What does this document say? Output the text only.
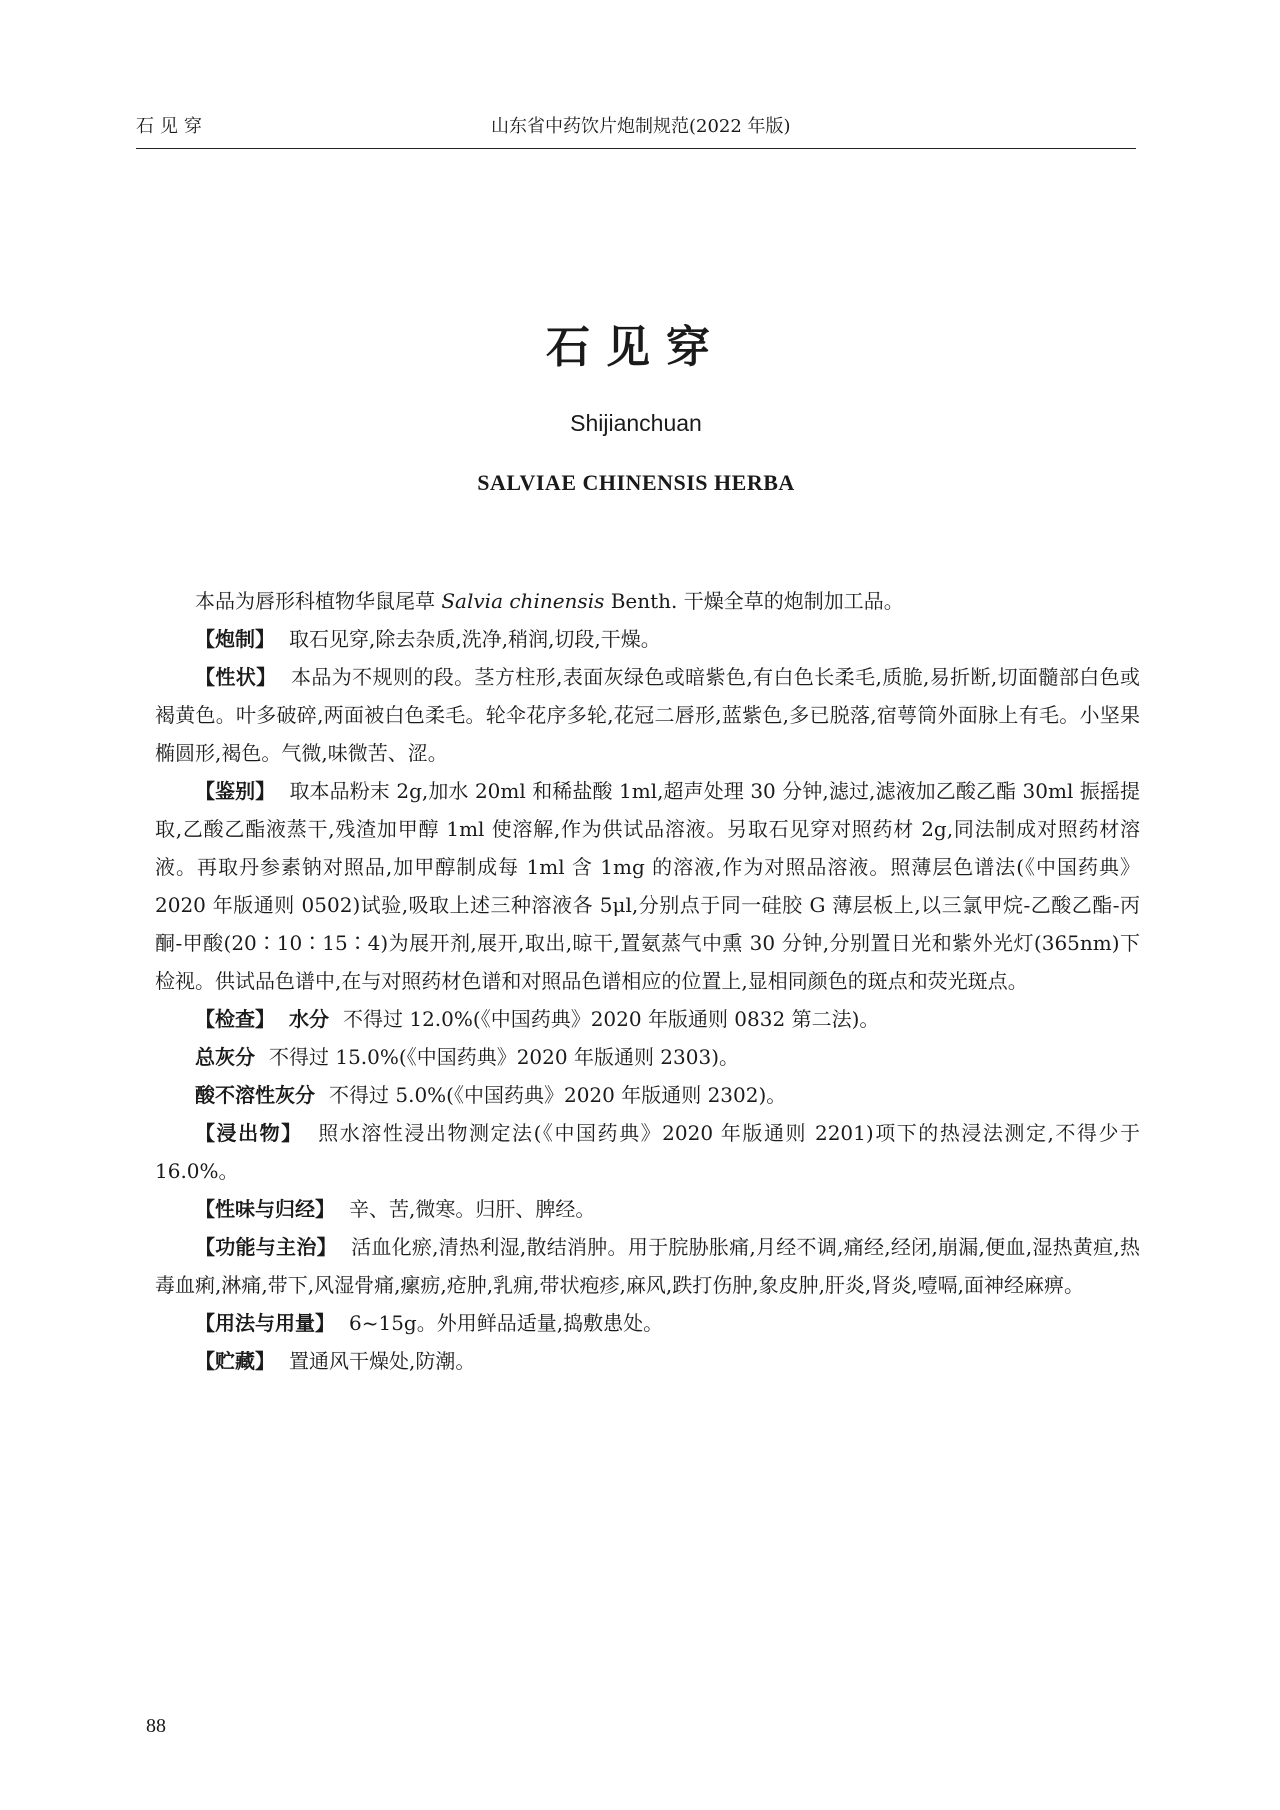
石见穿	山东省中药饮片炮制规范(2022 年版)
石见穿
Shijianchuan
SALVIAE CHINENSIS HERBA

本品为唇形科植物华鼠尾草 Salvia chinensis Benth. 干燥全草的炮制加工品。

【炮制】 取石见穿,除去杂质,洗净,稍润,切段,干燥。

【性状】 本品为不规则的段。茎方柱形,表面灰绿色或暗紫色,有白色长柔毛,质脆,易折断,切面髓部白色或褐黄色。叶多破碎,两面被白色柔毛。轮伞花序多轮,花冠二唇形,蓝紫色,多已脱落,宿萼筒外面脉上有毛。小坚果椭圆形,褐色。气微,味微苦、涩。

【鉴别】 取本品粉末 2g,加水 20ml 和稀盐酸 1ml,超声处理 30 分钟,滤过,滤液加乙酸乙酯 30ml 振摇提取,乙酸乙酯液蒸干,残渣加甲醇 1ml 使溶解,作为供试品溶液。另取石见穿对照药材 2g,同法制成对照药材溶液。再取丹参素钠对照品,加甲醇制成每 1ml 含 1mg 的溶液,作为对照品溶液。照薄层色谱法(《中国药典》2020 年版通则 0502)试验,吸取上述三种溶液各 5μl,分别点于同一硅胶 G 薄层板上,以三氯甲烷-乙酸乙酯-丙酮-甲酸(20∶10∶15∶4)为展开剂,展开,取出,晾干,置氨蒸气中熏 30 分钟,分别置日光和紫外光灯(365nm)下检视。供试品色谱中,在与对照药材色谱和对照品色谱相应的位置上,显相同颜色的斑点和荧光斑点。

【检查】 水分 不得过 12.0%(《中国药典》2020 年版通则 0832 第二法)。

总灰分 不得过 15.0%(《中国药典》2020 年版通则 2303)。

酸不溶性灰分 不得过 5.0%(《中国药典》2020 年版通则 2302)。

【浸出物】 照水溶性浸出物测定法(《中国药典》2020 年版通则 2201)项下的热浸法测定,不得少于 16.0%。

【性味与归经】 辛、苦,微寒。归肝、脾经。

【功能与主治】 活血化瘀,清热利湿,散结消肿。用于脘胁胀痛,月经不调,痛经,经闭,崩漏,便血,湿热黄疸,热毒血痢,淋痛,带下,风湿骨痛,瘰疬,疮肿,乳痈,带状疱疹,麻风,跌打伤肿,象皮肿,肝炎,肾炎,噎嗝,面神经麻痹。

【用法与用量】 6~15g。外用鲜品适量,捣敷患处。

【贮藏】 置通风干燥处,防潮。

88
